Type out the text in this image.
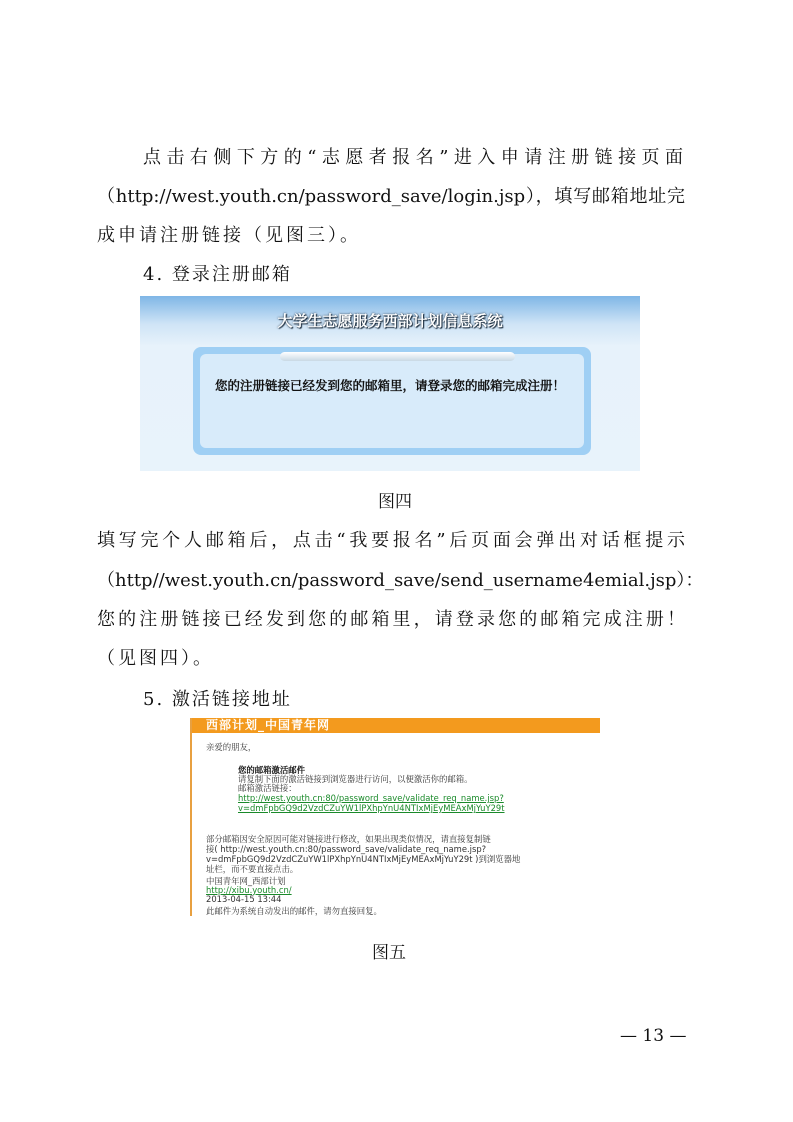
点击右侧下方的“志愿者报名”进入申请注册链接页面
（http://west.youth.cn/password_save/login.jsp），填写邮箱地址完
成申请注册链接（见图三）。
4. 登录注册邮箱
大学生志愿服务西部计划信息系统
您的注册链接已经发到您的邮箱里，请登录您的邮箱完成注册！
图四
填写完个人邮箱后，点击“我要报名”后页面会弹出对话框提示
（http//west.youth.cn/password_save/send_username4emial.jsp）：
您的注册链接已经发到您的邮箱里，请登录您的邮箱完成注册！
（见图四）。
5. 激活链接地址
西部计划_中国青年网
亲爱的朋友，
您的邮箱激活邮件
请复制下面的激活链接到浏览器进行访问，以便激活你的邮箱。
邮箱激活链接：
http://west.youth.cn:80/password_save/validate_req_name.jsp?
v=dmFpbGQ9d2VzdCZuYW1lPXhpYnU4NTIxMjEyMEAxMjYuY29t
部分邮箱因安全原因可能对链接进行修改，如果出现类似情况，请直接复制链
接( http://west.youth.cn:80/password_save/validate_req_name.jsp?
v=dmFpbGQ9d2VzdCZuYW1lPXhpYnU4NTIxMjEyMEAxMjYuY29t )到浏览器地
址栏，而不要直接点击。
中国青年网_西部计划
http://xibu.youth.cn/
2013-04-15 13:44
此邮件为系统自动发出的邮件，请勿直接回复。
图五
— 13 —
